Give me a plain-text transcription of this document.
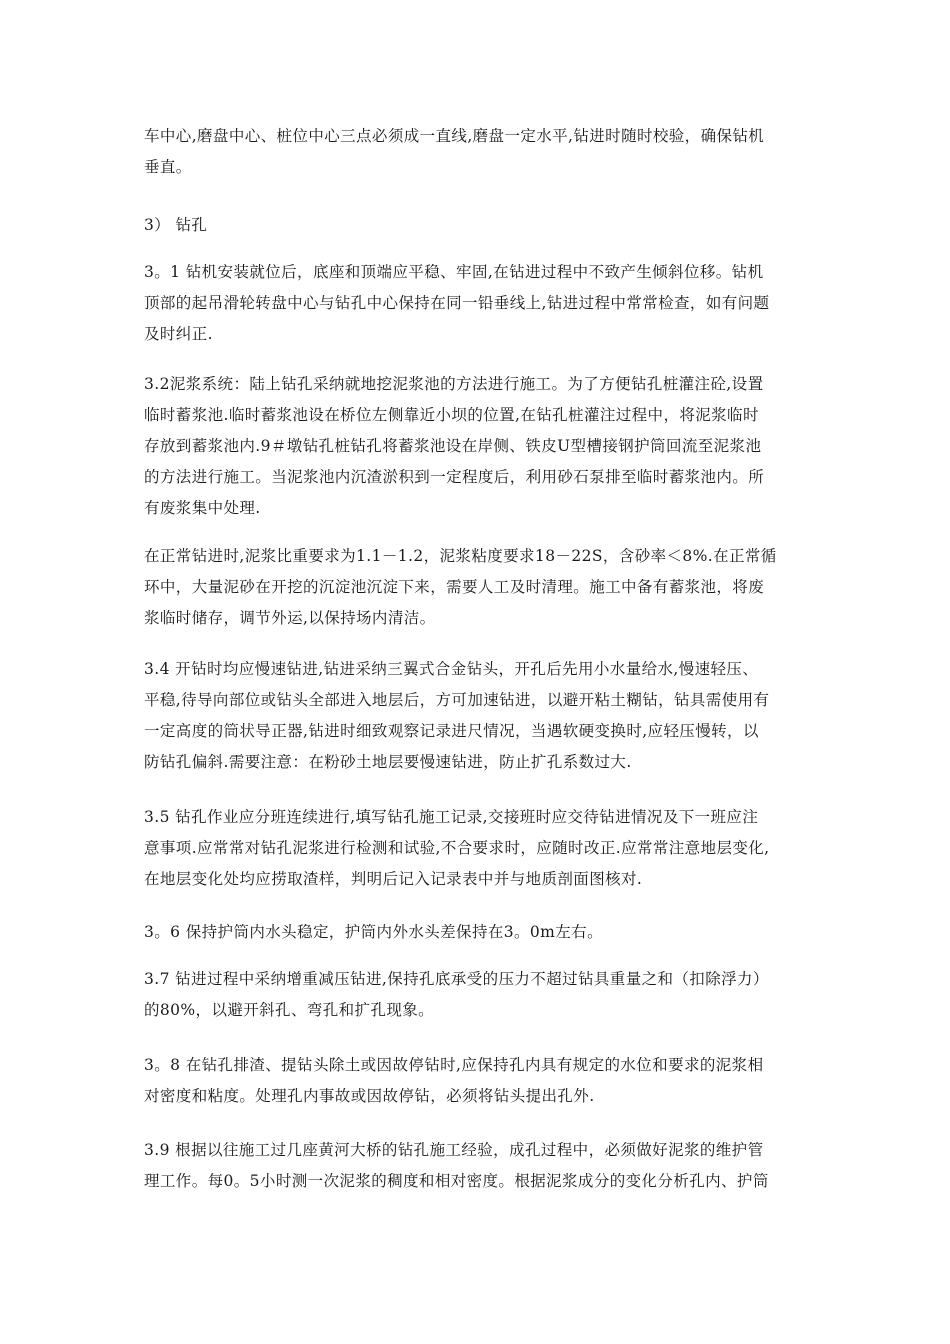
车中心,磨盘中心、桩位中心三点必须成一直线,磨盘一定水平,钻进时随时校验，确保钻机
垂直。
3） 钻孔
3。1 钻机安装就位后，底座和顶端应平稳、牢固,在钻进过程中不致产生倾斜位移。钻机
顶部的起吊滑轮转盘中心与钻孔中心保持在同一铅垂线上,钻进过程中常常检查，如有问题
及时纠正.
3.2泥浆系统：陆上钻孔采纳就地挖泥浆池的方法进行施工。为了方便钻孔桩灌注砼,设置
临时蓄浆池.临时蓄浆池设在桥位左侧靠近小坝的位置,在钻孔桩灌注过程中，将泥浆临时
存放到蓄浆池内.9＃墩钻孔桩钻孔将蓄浆池设在岸侧、铁皮U型槽接钢护筒回流至泥浆池
的方法进行施工。当泥浆池内沉渣淤积到一定程度后，利用砂石泵排至临时蓄浆池内。所
有废浆集中处理.
在正常钻进时,泥浆比重要求为1.1－1.2，泥浆粘度要求18－22S，含砂率＜8%.在正常循
环中，大量泥砂在开挖的沉淀池沉淀下来，需要人工及时清理。施工中备有蓄浆池，将废
浆临时储存，调节外运,以保持场内清洁。
3.4 开钻时均应慢速钻进,钻进采纳三翼式合金钻头，开孔后先用小水量给水,慢速轻压、
平稳,待导向部位或钻头全部进入地层后，方可加速钻进，以避开粘土糊钻，钻具需使用有
一定高度的筒状导正器,钻进时细致观察记录进尺情况，当遇软硬变换时,应轻压慢转，以
防钻孔偏斜.需要注意：在粉砂土地层要慢速钻进，防止扩孔系数过大.
3.5 钻孔作业应分班连续进行,填写钻孔施工记录,交接班时应交待钻进情况及下一班应注
意事项.应常常对钻孔泥浆进行检测和试验,不合要求时，应随时改正.应常常注意地层变化,
在地层变化处均应捞取渣样，判明后记入记录表中并与地质剖面图核对.
3。6 保持护筒内水头稳定，护筒内外水头差保持在3。0m左右。
3.7 钻进过程中采纳增重减压钻进,保持孔底承受的压力不超过钻具重量之和（扣除浮力）
的80%，以避开斜孔、弯孔和扩孔现象。
3。8 在钻孔排渣、提钻头除土或因故停钻时,应保持孔内具有规定的水位和要求的泥浆相
对密度和粘度。处理孔内事故或因故停钻，必须将钻头提出孔外.
3.9 根据以往施工过几座黄河大桥的钻孔施工经验，成孔过程中，必须做好泥浆的维护管
理工作。每0。5小时测一次泥浆的稠度和相对密度。根据泥浆成分的变化分析孔内、护筒
